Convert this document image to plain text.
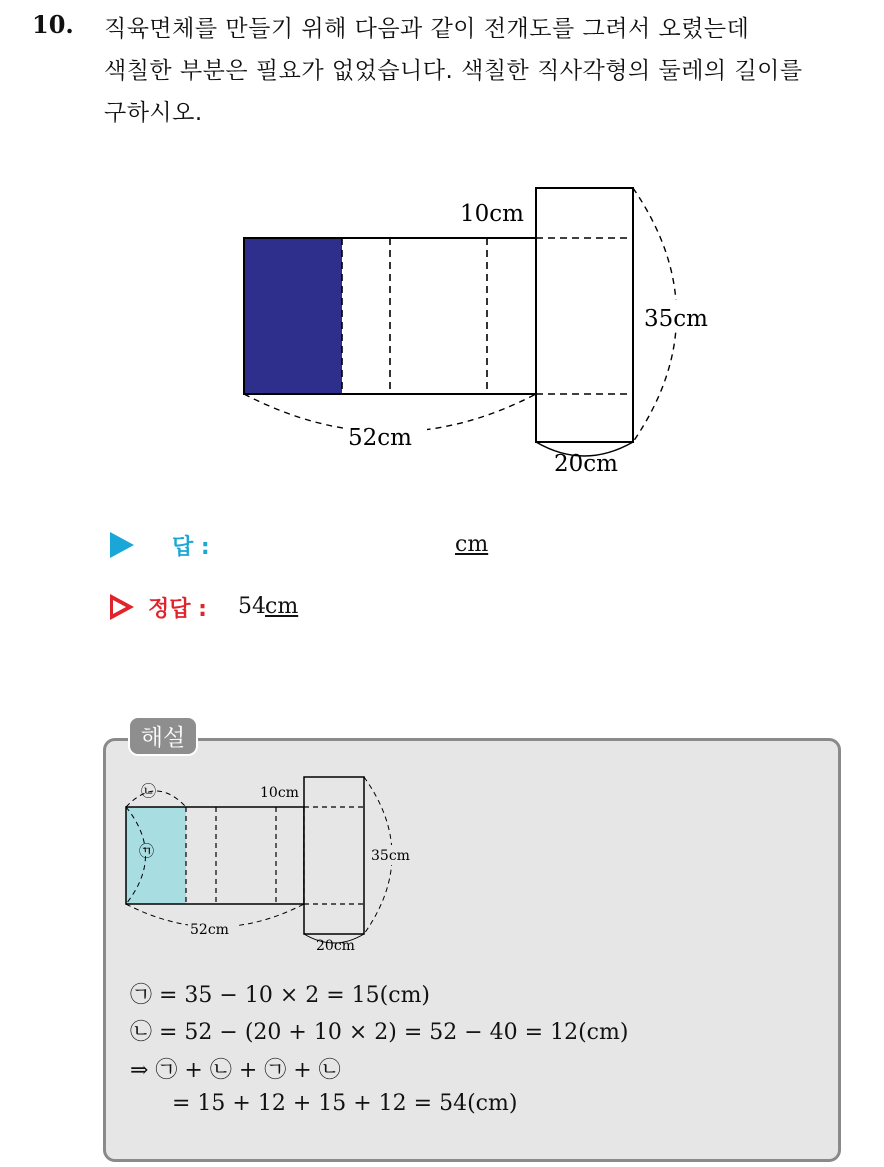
10. 직육면체를 만들기 위해 다음과 같이 전개도를 그려서 오렸는데
색칠한 부분은 필요가 없었습니다. 색칠한 직사각형의 둘레의 길이를
구하시오.
10cm
35cm
52cm
20cm
답 :	cm
정답 : 54 cm
해설
㉡
㉠
10cm
35cm
52cm
20cm
㉠ = 35 − 10 × 2 = 15(cm)
㉡ = 52 − (20 + 10 × 2) = 52 − 40 = 12(cm)
⇒ ㉠ + ㉡ + ㉠ + ㉡
= 15 + 12 + 15 + 12 = 54(cm)
